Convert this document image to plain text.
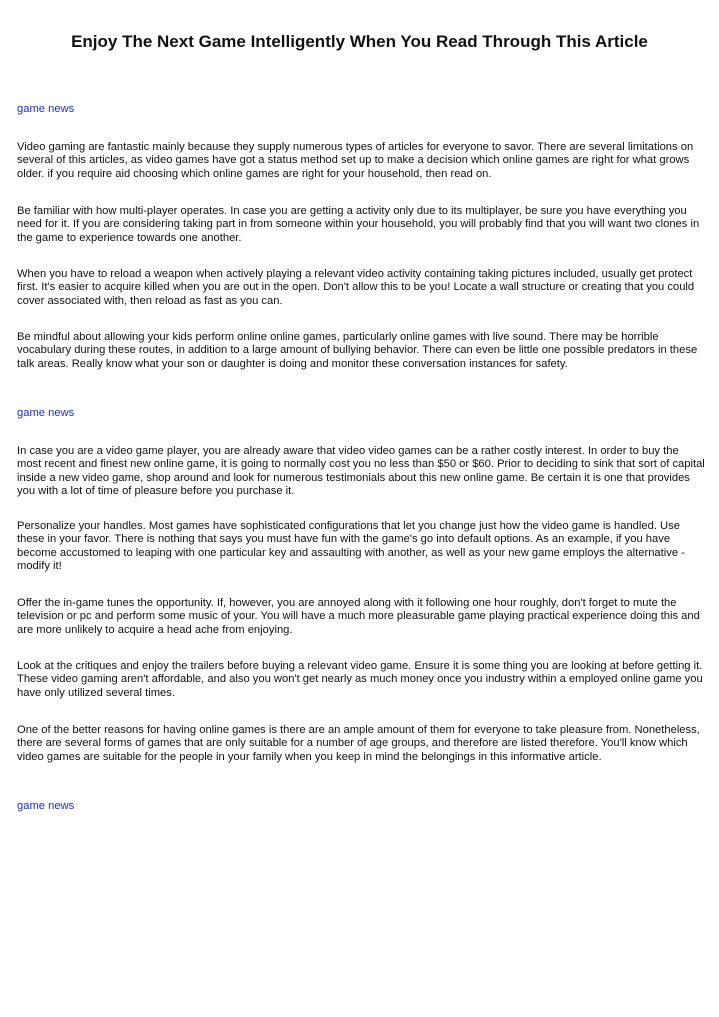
Enjoy The Next Game Intelligently When You Read Through This Article

game news

Video gaming are fantastic mainly because they supply numerous types of articles for everyone to savor. There are several limitations on several of this articles, as video games have got a status method set up to make a decision which online games are right for what grows older. if you require aid choosing which online games are right for your household, then read on.

Be familiar with how multi-player operates. In case you are getting a activity only due to its multiplayer, be sure you have everything you need for it. If you are considering taking part in from someone within your household, you will probably find that you will want two clones in the game to experience towards one another.

When you have to reload a weapon when actively playing a relevant video activity containing taking pictures included, usually get protect first. It's easier to acquire killed when you are out in the open. Don't allow this to be you! Locate a wall structure or creating that you could cover associated with, then reload as fast as you can.

Be mindful about allowing your kids perform online online games, particularly online games with live sound. There may be horrible vocabulary during these routes, in addition to a large amount of bullying behavior. There can even be little one possible predators in these talk areas. Really know what your son or daughter is doing and monitor these conversation instances for safety.

game news

In case you are a video game player, you are already aware that video video games can be a rather costly interest. In order to buy the most recent and finest new online game, it is going to normally cost you no less than $50 or $60. Prior to deciding to sink that sort of capital inside a new video game, shop around and look for numerous testimonials about this new online game. Be certain it is one that provides you with a lot of time of pleasure before you purchase it.

Personalize your handles. Most games have sophisticated configurations that let you change just how the video game is handled. Use these in your favor. There is nothing that says you must have fun with the game's go into default options. As an example, if you have become accustomed to leaping with one particular key and assaulting with another, as well as your new game employs the alternative - modify it!

Offer the in-game tunes the opportunity. If, however, you are annoyed along with it following one hour roughly, don't forget to mute the television or pc and perform some music of your. You will have a much more pleasurable game playing practical experience doing this and are more unlikely to acquire a head ache from enjoying.

Look at the critiques and enjoy the trailers before buying a relevant video game. Ensure it is some thing you are looking at before getting it. These video gaming aren't affordable, and also you won't get nearly as much money once you industry within a employed online game you have only utilized several times.

One of the better reasons for having online games is there are an ample amount of them for everyone to take pleasure from. Nonetheless, there are several forms of games that are only suitable for a number of age groups, and therefore are listed therefore. You'll know which video games are suitable for the people in your family when you keep in mind the belongings in this informative article.

game news
